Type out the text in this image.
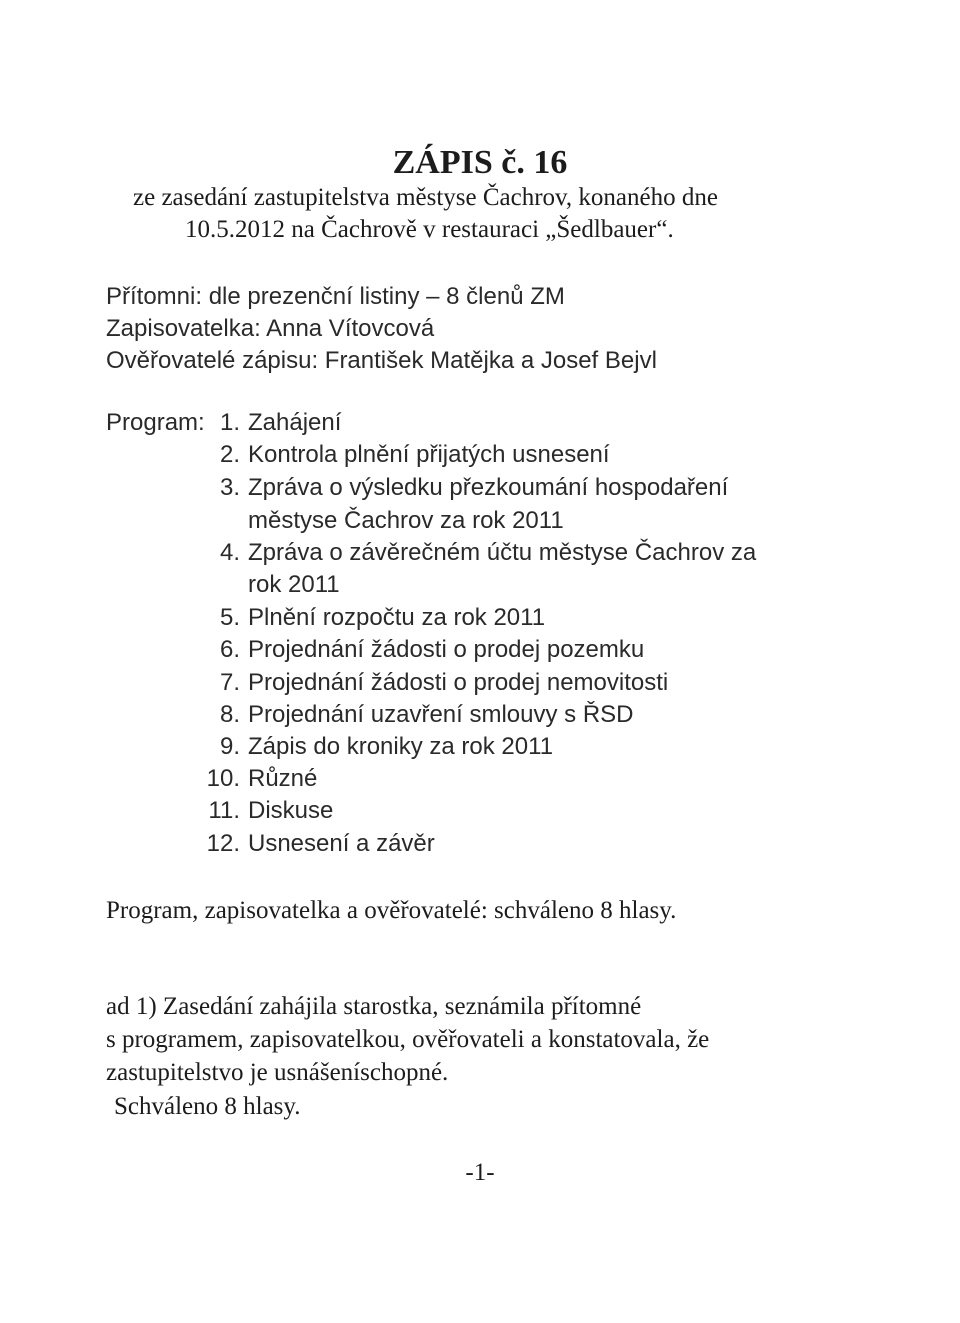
ZÁPIS č. 16

ze zasedání zastupitelstva městyse Čachrov, konaného dne

10.5.2012 na Čachrově v restauraci „Šedlbauer“.

Přítomni: dle prezenční listiny – 8 členů ZM

Zapisovatelka: Anna Vítovcová

Ověřovatelé zápisu: František Matějka a Josef Bejvl

Program: 1. Zahájení
2. Kontrola plnění přijatých usnesení
3. Zpráva o výsledku přezkoumání hospodaření
městyse Čachrov za rok 2011
4. Zpráva o závěrečném účtu městyse Čachrov za
rok 2011
5. Plnění rozpočtu za rok 2011
6. Projednání žádosti o prodej pozemku
7. Projednání žádosti o prodej nemovitosti
8. Projednání uzavření smlouvy s ŘSD
9. Zápis do kroniky za rok 2011
10. Různé
11. Diskuse
12. Usnesení a závěr

Program, zapisovatelka a ověřovatelé: schváleno 8 hlasy.

ad 1) Zasedání zahájila starostka, seznámila přítomné

s programem, zapisovatelkou, ověřovateli a konstatovala, že

zastupitelstvo je usnášeníschopné.

Schváleno 8 hlasy.

-1-
